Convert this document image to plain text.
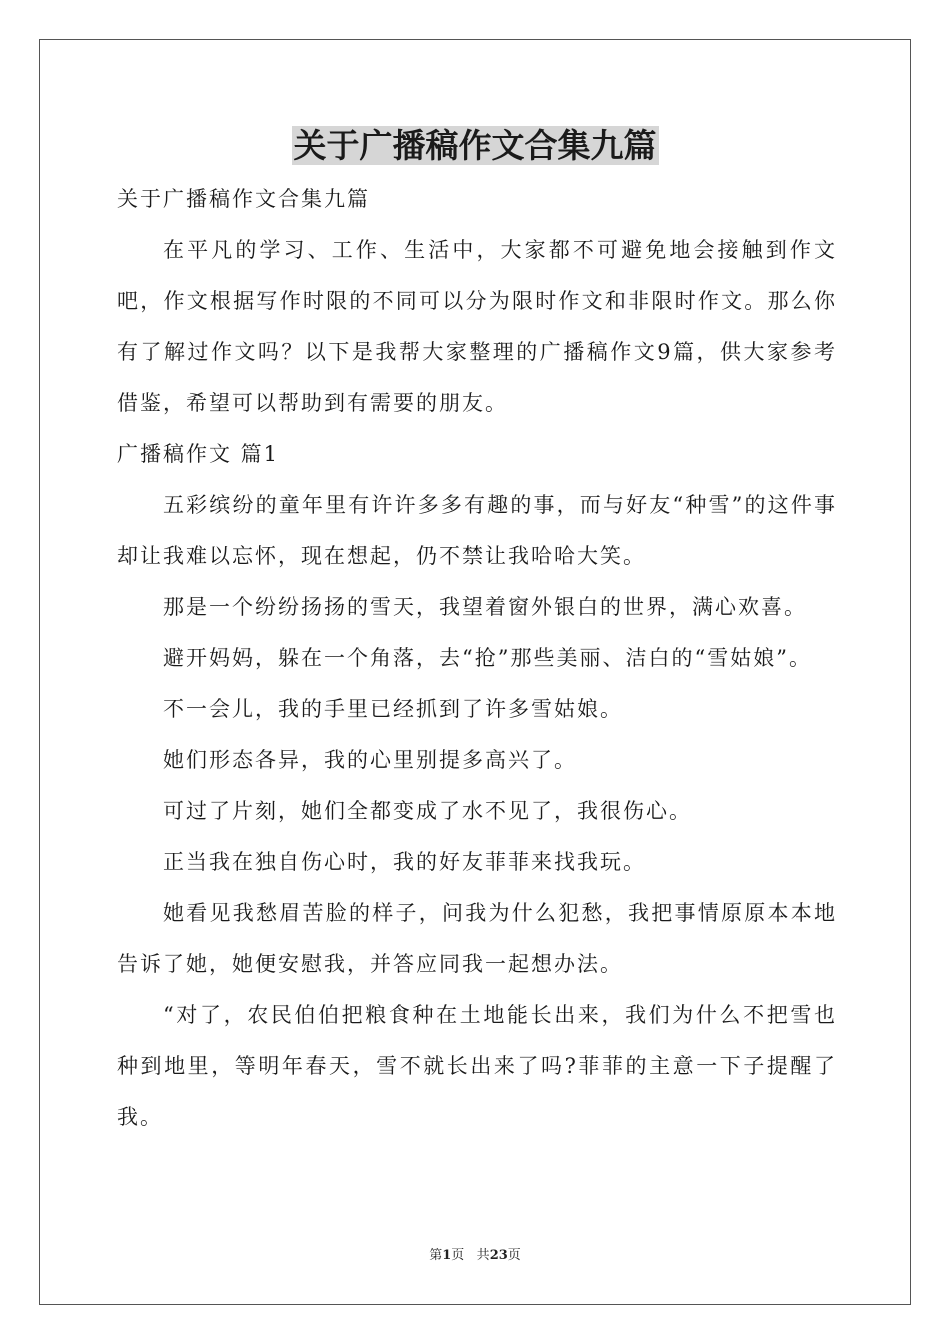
关于广播稿作文合集九篇

关于广播稿作文合集九篇

在平凡的学习、工作、生活中，大家都不可避免地会接触到作文吧，作文根据写作时限的不同可以分为限时作文和非限时作文。那么你有了解过作文吗？以下是我帮大家整理的广播稿作文9篇，供大家参考借鉴，希望可以帮助到有需要的朋友。

广播稿作文 篇1

五彩缤纷的童年里有许许多多有趣的事，而与好友“种雪”的这件事却让我难以忘怀，现在想起，仍不禁让我哈哈大笑。

那是一个纷纷扬扬的雪天，我望着窗外银白的世界，满心欢喜。

避开妈妈，躲在一个角落，去“抢”那些美丽、洁白的“雪姑娘”。

不一会儿，我的手里已经抓到了许多雪姑娘。

她们形态各异，我的心里别提多高兴了。

可过了片刻，她们全都变成了水不见了，我很伤心。

正当我在独自伤心时，我的好友菲菲来找我玩。

她看见我愁眉苦脸的样子，问我为什么犯愁，我把事情原原本本地告诉了她，她便安慰我，并答应同我一起想办法。

“对了，农民伯伯把粮食种在土地能长出来，我们为什么不把雪也种到地里，等明年春天，雪不就长出来了吗?菲菲的主意一下子提醒了我。

第1页 共23页
